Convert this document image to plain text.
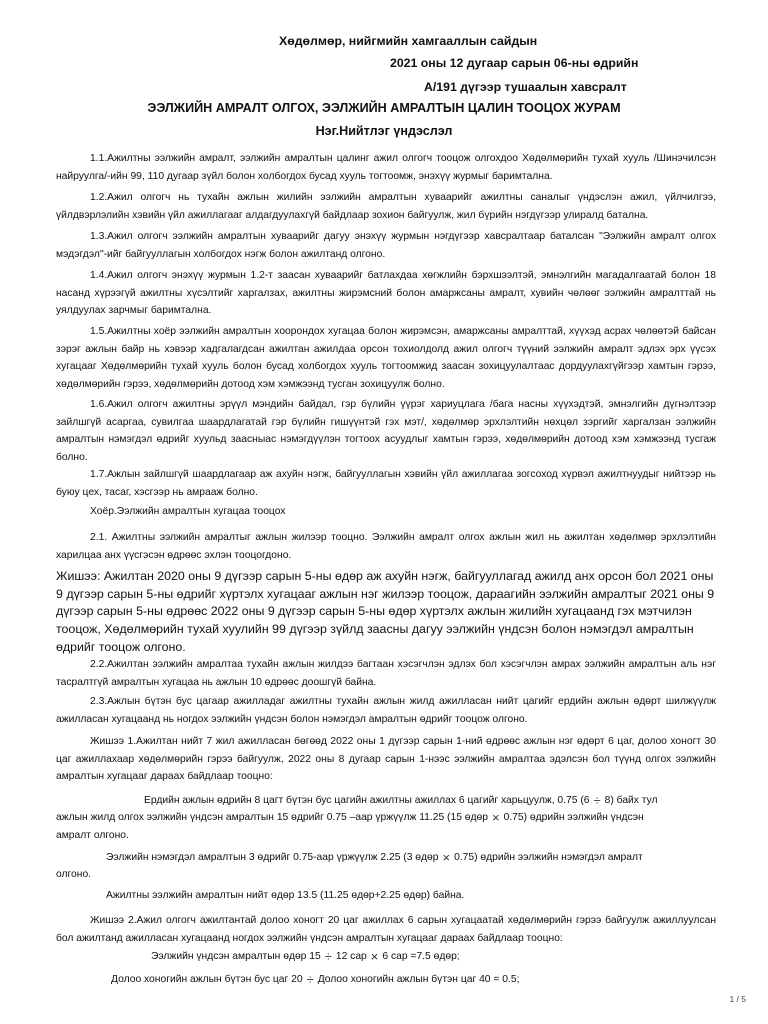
Хөдөлмөр, нийгмийн хамгааллын сайдын
2021 оны 12 дугаар сарын 06-ны өдрийн
А/191 дүгээр тушаалын хавсралт
ЭЭЛЖИЙН АМРАЛТ ОЛГОХ, ЭЭЛЖИЙН АМРАЛТЫН ЦАЛИН ТООЦОХ ЖУРАМ
Нэг.Нийтлэг үндэслэл

1.1.Ажилтны ээлжийн амралт, ээлжийн амралтын цалинг ажил олгогч тооцож олгохдоо Хөдөлмөрийн тухай хууль /Шинэчилсэн найруулга/-ийн 99, 110 дугаар зүйл болон холбогдох бусад хууль тогтоомж, энэхүү журмыг баримтална.

1.2.Ажил олгогч нь тухайн ажлын жилийн ээлжийн амралтын хуваарийг ажилтны саналыг үндэслэн ажил, үйлчилгээ, үйлдвэрлэлийн хэвийн үйл ажиллагааг алдагдуулахгүй байдлаар зохион байгуулж, жил бүрийн нэгдүгээр улиралд батална.

1.3.Ажил олгогч ээлжийн амралтын хуваарийг дагуу энэхүү журмын нэгдүгээр хавсралтаар баталсан "Ээлжийн амралт олгох мэдэгдэл"-ийг байгууллагын холбогдох нэгж болон ажилтанд олгоно.

1.4.Ажил олгогч энэхүү журмын 1.2-т заасан хуваарийг батлахдаа хөгжлийн бэрхшээлтэй, эмнэлгийн магадалгаатай болон 18 насанд хүрээгүй ажилтны хүсэлтийг харгалзах, ажилтны жирэмсний болон амаржсаны амралт, хувийн чөлөөг ээлжийн амралттай нь уялдуулах зарчмыг баримтална.

1.5.Ажилтны хоёр ээлжийн амралтын хоорондох хугацаа болон жирэмсэн, амаржсаны амралттай, хүүхэд асрах чөлөөтэй байсан зэрэг ажлын байр нь хэвээр хадгалагдсан ажилтан ажилдаа орсон тохиолдолд ажил олгогч түүний ээлжийн амралт эдлэх эрх үүсэх хугацааг Хөдөлмөрийн тухай хууль болон бусад холбогдох хууль тогтоомжид заасан зохицуулалтаас дордуулахгүйгээр хамтын гэрээ, хөдөлмөрийн гэрээ, хөдөлмөрийн дотоод хэм хэмжээнд тусган зохицуулж болно.

1.6.Ажил олгогч ажилтны эрүүл мэндийн байдал, гэр бүлийн үүрэг хариуцлага /бага насны хүүхэдтэй, эмнэлгийн дүгнэлтээр зайлшгүй асаргаа, сувилгаа шаардлагатай гэр бүлийн гишүүнтэй гэх мэт/, хөдөлмөр эрхлэлтийн нөхцөл зэргийг харгалзан ээлжийн амралтын нэмэгдэл өдрийг хуульд заасныас нэмэгдүүлэн тогтоох асуудлыг хамтын гэрээ, хөдөлмөрийн дотоод хэм хэмжээнд тусгаж болно.

1.7.Ажлын зайлшгүй шаардлагаар аж ахуйн нэгж, байгууллагын хэвийн үйл ажиллагаа зогсоход хүрвэл ажилтнуудыг нийтээр нь буюу цех, тасаг, хэсгээр нь амрааж болно.

Хоёр.Ээлжийн амралтын хугацаа тооцох

2.1. Ажилтны ээлжийн амралтыг ажлын жилээр тооцно. Ээлжийн амралт олгох ажлын жил нь ажилтан хөдөлмөр эрхлэлтийн харилцаа анх үүсгэсэн өдрөөс эхлэн тооцогдоно.

Жишээ: Ажилтан 2020 оны 9 дүгээр сарын 5-ны өдөр аж ахуйн нэгж, байгууллагад ажилд анх орсон бол 2021 оны 9 дүгээр сарын 5-ны өдрийг хүртэлх хугацааг ажлын нэг жилээр тооцож, дараагийн ээлжийн амралтыг 2021 оны 9 дүгээр сарын 5-ны өдрөөс 2022 оны 9 дүгээр сарын 5-ны өдөр хүртэлх ажлын жилийн хугацаанд гэх мэтчилэн тооцож, Хөдөлмөрийн тухай хуулийн 99 дүгээр зүйлд заасны дагуу ээлжийн үндсэн болон нэмэгдэл амралтын өдрийг тооцож олгоно.

2.2.Ажилтан ээлжийн амралтаа тухайн ажлын жилдээ багтаан хэсэгчлэн эдлэх бол хэсэгчлэн амрах ээлжийн амралтын аль нэг тасралтгүй амралтын хугацаа нь ажлын 10 өдрөөс доошгүй байна.

2.3.Ажлын бүтэн бус цагаар ажилладаг ажилтны тухайн ажлын жилд ажилласан нийт цагийг ердийн ажлын өдөрт шилжүүлж ажилласан хугацаанд нь ногдох ээлжийн үндсэн болон нэмэгдэл амралтын өдрийг тооцож олгоно.

Жишээ 1.Ажилтан нийт 7 жил ажилласан бөгөөд 2022 оны 1 дүгээр сарын 1-ний өдрөөс ажлын нэг өдөрт 6 цаг, долоо хоногт 30 цаг ажиллахаар хөдөлмөрийн гэрээ байгуулж, 2022 оны 8 дугаар сарын 1-нээс ээлжийн амралтаа эдэлсэн бол түүнд олгох ээлжийн амралтын хугацааг дараах байдлаар тооцно:

Ердийн ажлын өдрийн 8 цагт бүтэн бус цагийн ажилтны ажиллах 6 цагийг харьцуулж, 0.75 (6 ÷ 8) байх тул
ажлын жилд олгох ээлжийн үндсэн амралтын 15 өдрийг 0.75 –аар үржүүлж 11.25 (15 өдөр × 0.75) өдрийн ээлжийн үндсэн
амралт олгоно.
Ээлжийн нэмэгдэл амралтын 3 өдрийг 0.75-аар үржүүлж 2.25 (3 өдөр × 0.75) өдрийн ээлжийн нэмэгдэл амралт
олгоно.
Ажилтны ээлжийн амралтын нийт өдөр 13.5 (11.25 өдөр+2.25 өдөр) байна.

Жишээ 2.Ажил олгогч ажилтантай долоо хоногт 20 цаг ажиллах 6 сарын хугацаатай хөдөлмөрийн гэрээ байгуулж ажиллуулсан бол ажилтанд ажилласан хугацаанд ногдох ээлжийн үндсэн амралтын хугацааг дараах байдлаар тооцно:

Ээлжийн үндсэн амралтын өдөр 15 ÷ 12 сар × 6 сар =7.5 өдөр;
Долоо хоногийн ажлын бүтэн бус цаг 20 ÷ Долоо хоногийн ажлын бүтэн цаг 40 = 0.5;
1 / 5
